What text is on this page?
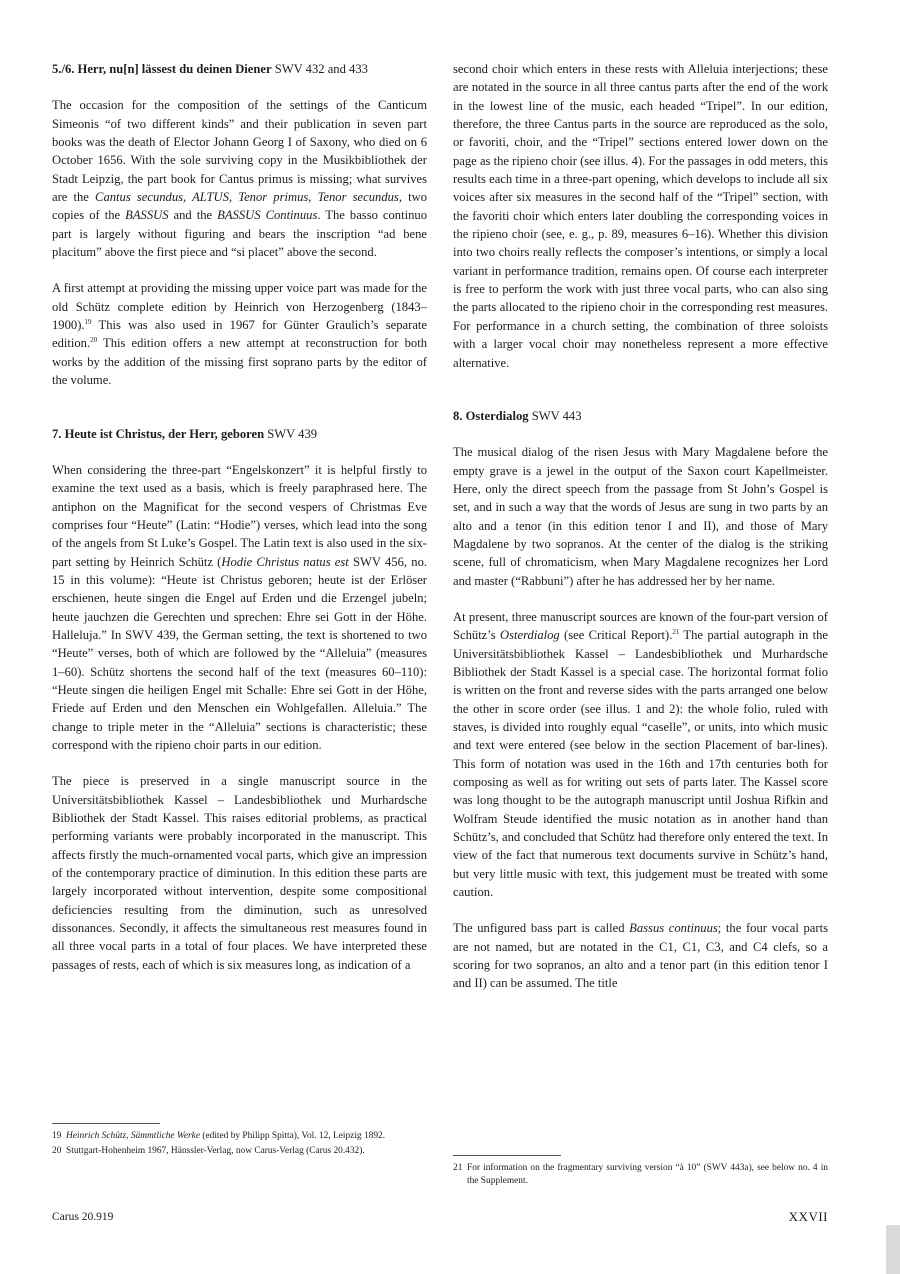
5./6. Herr, nu[n] lässest du deinen Diener SWV 432 and 433

The occasion for the composition of the settings of the Canticum Simeonis “of two different kinds” and their publication in seven part books was the death of Elector Johann Georg I of Saxony, who died on 6 October 1656. With the sole surviving copy in the Musikbibliothek der Stadt Leipzig, the part book for Cantus primus is missing; what survives are the Cantus secundus, ALTUS, Tenor primus, Tenor secundus, two copies of the BASSUS and the BASSUS Continuus. The basso continuo part is largely without figuring and bears the inscription “ad bene placitum” above the first piece and “si placet” above the second.

A first attempt at providing the missing upper voice part was made for the old Schütz complete edition by Heinrich von Herzogenberg (1843–1900).$^{19}$ This was also used in 1967 for Günter Graulich’s separate edition.$^{20}$ This edition offers a new attempt at reconstruction for both works by the addition of the missing first soprano parts by the editor of the volume.

7. Heute ist Christus, der Herr, geboren SWV 439

When considering the three-part “Engelskonzert” it is helpful firstly to examine the text used as a basis, which is freely paraphrased here. The antiphon on the Magnificat for the second vespers of Christmas Eve comprises four “Heute” (Latin: “Hodie”) verses, which lead into the song of the angels from St Luke’s Gospel. The Latin text is also used in the six-part setting by Heinrich Schütz (Hodie Christus natus est SWV 456, no. 15 in this volume): “Heute ist Christus geboren; heute ist der Erlöser erschienen, heute singen die Engel auf Erden und die Erzengel jubeln; heute jauchzen die Gerechten und sprechen: Ehre sei Gott in der Höhe. Halleluja.” In SWV 439, the German setting, the text is shortened to two “Heute” verses, both of which are followed by the “Alleluia” (measures 1–60). Schütz shortens the second half of the text (measures 60–110): “Heute singen die heiligen Engel mit Schalle: Ehre sei Gott in der Höhe, Friede auf Erden und den Menschen ein Wohlgefallen. Alleluia.” The change to triple meter in the “Alleluia” sections is characteristic; these correspond with the ripieno choir parts in our edition.

The piece is preserved in a single manuscript source in the Universitätsbibliothek Kassel – Landesbibliothek und Murhardsche Bibliothek der Stadt Kassel. This raises editorial problems, as practical performing variants were probably incorporated in the manuscript. This affects firstly the much-ornamented vocal parts, which give an impression of the contemporary practice of diminution. In this edition these parts are largely incorporated without intervention, despite some compositional deficiencies resulting from the diminution, such as unresolved dissonances. Secondly, it affects the simultaneous rest measures found in all three vocal parts in a total of four places. We have interpreted these passages of rests, each of which is six measures long, as indication of a

19 Heinrich Schütz, Sämmtliche Werke (edited by Philipp Spitta), Vol. 12, Leipzig 1892.
20 Stuttgart-Hohenheim 1967, Hänssler-Verlag, now Carus-Verlag (Carus 20.432).

second choir which enters in these rests with Alleluia interjections; these are notated in the source in all three cantus parts after the end of the work in the lowest line of the music, each headed “Tripel”. In our edition, therefore, the three Cantus parts in the source are reproduced as the solo, or favoriti, choir, and the “Tripel” sections entered lower down on the page as the ripieno choir (see illus. 4). For the passages in odd meters, this results each time in a three-part opening, which develops to include all six voices after six measures in the second half of the “Tripel” section, with the favoriti choir which enters later doubling the corresponding voices in the ripieno choir (see, e. g., p. 89, measures 6–16). Whether this division into two choirs really reflects the composer’s intentions, or simply a local variant in performance tradition, remains open. Of course each interpreter is free to perform the work with just three vocal parts, who can also sing the parts allocated to the ripieno choir in the corresponding rest measures. For performance in a church setting, the combination of three soloists with a larger vocal choir may nonetheless represent a more effective alternative.

8. Osterdialog SWV 443

The musical dialog of the risen Jesus with Mary Magdalene before the empty grave is a jewel in the output of the Saxon court Kapellmeister. Here, only the direct speech from the passage from St John’s Gospel is set, and in such a way that the words of Jesus are sung in two parts by an alto and a tenor (in this edition tenor I and II), and those of Mary Magdalene by two sopranos. At the center of the dialog is the striking scene, full of chromaticism, when Mary Magdalene recognizes her Lord and master (“Rabbuni”) after he has addressed her by her name.

At present, three manuscript sources are known of the four-part version of Schütz’s Osterdialog (see Critical Report).$^{21}$ The partial autograph in the Universitätsbibliothek Kassel – Landesbibliothek und Murhardsche Bibliothek der Stadt Kassel is a special case. The horizontal format folio is written on the front and reverse sides with the parts arranged one below the other in score order (see illus. 1 and 2): the whole folio, ruled with staves, is divided into roughly equal “caselle”, or units, into which music and text were entered (see below in the section Placement of bar-lines). This form of notation was used in the 16th and 17th centuries both for composing as well as for writing out sets of parts later. The Kassel score was long thought to be the autograph manuscript until Joshua Rifkin and Wolfram Steude identified the music notation as in another hand than Schütz’s, and concluded that Schütz had therefore only entered the text. In view of the fact that numerous text documents survive in Schütz’s hand, but very little music with text, this judgement must be treated with some caution.

The unfigured bass part is called Bassus continuus; the four vocal parts are not named, but are notated in the C1, C1, C3, and C4 clefs, so a scoring for two sopranos, an alto and a tenor part (in this edition tenor I and II) can be assumed. The title

21 For information on the fragmentary surviving version “à 10” (SWV 443a), see below no. 4 in the Supplement.
Carus 20.919	XXVII
